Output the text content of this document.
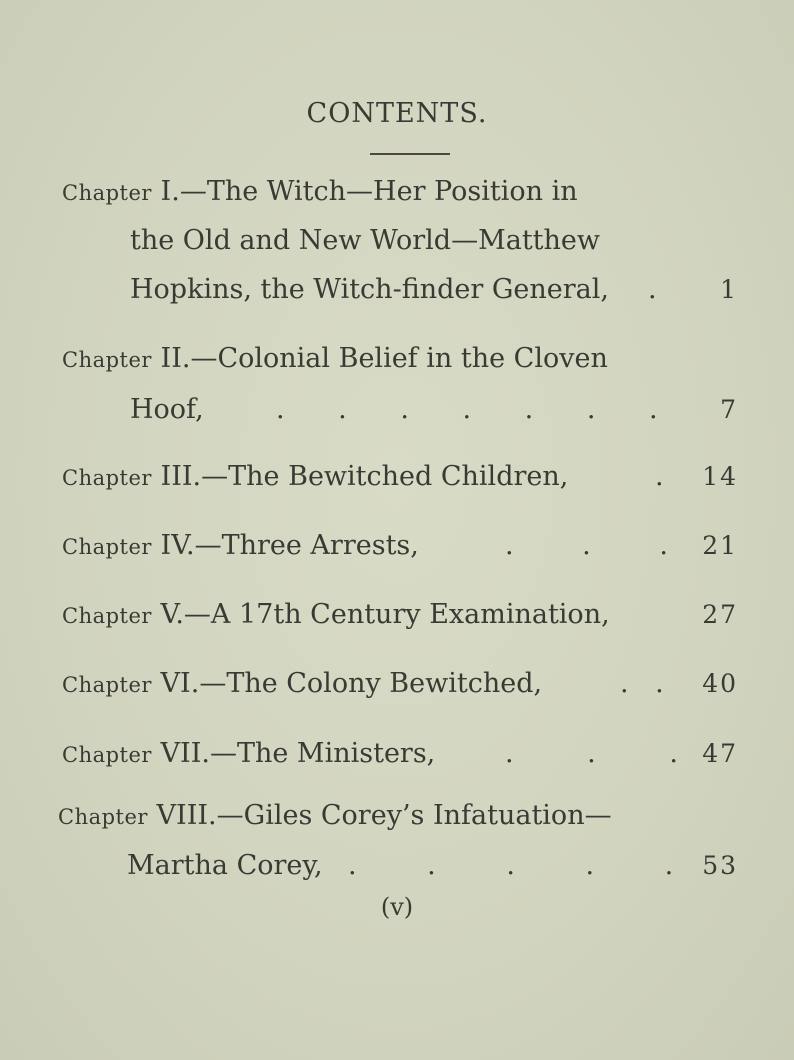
CONTENTS.
Chapter I.—The Witch—Her Position in
the Old and New World—Matthew
Hopkins, the Witch-finder General, .	1
Chapter II.—Colonial Belief in the Cloven
Hoof,	. . . . . . .	7
Chapter III.—The Bewitched Children,	.	14
Chapter IV.—Three Arrests,	. . .	21
Chapter V.—A 17th Century Examination,	27
Chapter VI.—The Colony Bewitched,	. .	40
Chapter VII.—The Ministers,	. . . 47
Chapter VIII.—Giles Corey’s Infatuation—
Martha Corey, . . . . .	53
(v)
